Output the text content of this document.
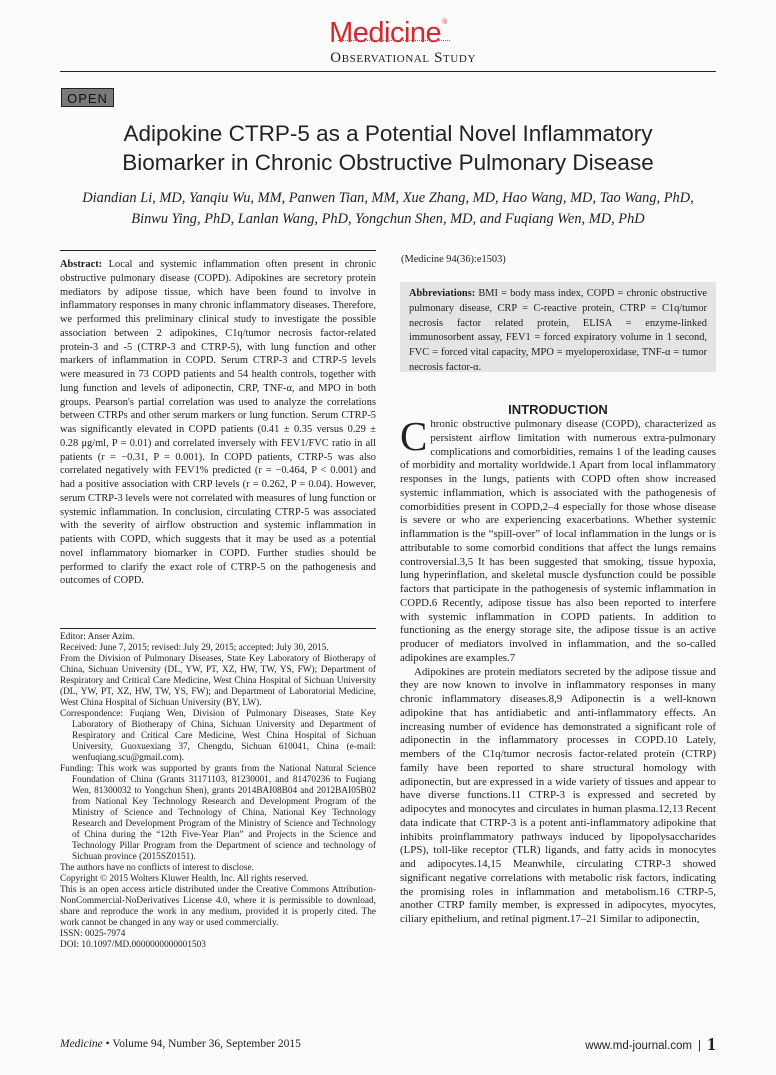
Medicine®
Observational Study
OPEN
Adipokine CTRP-5 as a Potential Novel Inflammatory
Biomarker in Chronic Obstructive Pulmonary Disease
Diandian Li, MD, Yanqiu Wu, MM, Panwen Tian, MM, Xue Zhang, MD, Hao Wang, MD, Tao Wang, PhD,
Binwu Ying, PhD, Lanlan Wang, PhD, Yongchun Shen, MD, and Fuqiang Wen, MD, PhD
Abstract: Local and systemic inflammation often present in chronic obstructive pulmonary disease (COPD). Adipokines are secretory protein mediators by adipose tissue, which have been found to involve in inflammatory responses in many chronic inflammatory diseases. Therefore, we performed this preliminary clinical study to investigate the possible association between 2 adipokines, C1q/tumor necrosis factor-related protein-3 and -5 (CTRP-3 and CTRP-5), with lung function and other markers of inflammation in COPD. Serum CTRP-3 and CTRP-5 levels were measured in 73 COPD patients and 54 health controls, together with lung function and levels of adiponectin, CRP, TNF-α, and MPO in both groups. Pearson's partial correlation was used to analyze the correlations between CTRPs and other serum markers or lung function. Serum CTRP-5 was significantly elevated in COPD patients (0.41 ± 0.35 versus 0.29 ± 0.28 μg/ml, P = 0.01) and correlated inversely with FEV1/FVC ratio in all patients (r = −0.31, P = 0.001). In COPD patients, CTRP-5 was also correlated negatively with FEV1% predicted (r = −0.464, P < 0.001) and had a positive association with CRP levels (r = 0.262, P = 0.04). However, serum CTRP-3 levels were not correlated with measures of lung function or systemic inflammation. In conclusion, circulating CTRP-5 was associated with the severity of airflow obstruction and systemic inflammation in patients with COPD, which suggests that it may be used as a potential novel inflammatory biomarker in COPD. Further studies should be performed to clarify the exact role of CTRP-5 on the pathogenesis and outcomes of COPD.

Editor: Anser Azim.

Received: June 7, 2015; revised: July 29, 2015; accepted: July 30, 2015.

From the Division of Pulmonary Diseases, State Key Laboratory of Biotherapy of China, Sichuan University (DL, YW, PT, XZ, HW, TW, YS, FW); Department of Respiratory and Critical Care Medicine, West China Hospital of Sichuan University (DL, YW, PT, XZ, HW, TW, YS, FW); and Department of Laboratorial Medicine, West China Hospital of Sichuan University (BY, LW).

Correspondence: Fuqiang Wen, Division of Pulmonary Diseases, State Key Laboratory of Biotherapy of China, Sichuan University and Department of Respiratory and Critical Care Medicine, West China Hospital of Sichuan University, Guoxuexiang 37, Chengdu, Sichuan 610041, China (e-mail: wenfuqiang.scu@gmail.com).

Funding: This work was supported by grants from the National Natural Science Foundation of China (Grants 31171103, 81230001, and 81470236 to Fuqiang Wen, 81300032 to Yongchun Shen), grants 2014BAI08B04 and 2012BAI05B02 from National Key Technology Research and Development Program of the Ministry of Science and Technology of China, National Key Technology Research and Development Program of the Ministry of Science and Technology of China during the “12th Five-Year Plan” and Projects in the Science and Technology Pillar Program from the Department of science and technology of Sichuan province (2015SZ0151).

The authors have no conflicts of interest to disclose.

Copyright © 2015 Wolters Kluwer Health, Inc. All rights reserved.

This is an open access article distributed under the Creative Commons Attribution-NonCommercial-NoDerivatives License 4.0, where it is permissible to download, share and reproduce the work in any medium, provided it is properly cited. The work cannot be changed in any way or used commercially.

ISSN: 0025-7974

DOI: 10.1097/MD.0000000000001503

(Medicine 94(36):e1503)
Abbreviations: BMI = body mass index, COPD = chronic obstructive pulmonary disease, CRP = C-reactive protein, CTRP = C1q/tumor necrosis factor related protein, ELISA = enzyme-linked immunosorbent assay, FEV1 = forced expiratory volume in 1 second, FVC = forced vital capacity, MPO = myeloperoxidase, TNF-α = tumor necrosis factor-α.
INTRODUCTION

Chronic obstructive pulmonary disease (COPD), characterized as persistent airflow limitation with numerous extra-pulmonary complications and comorbidities, remains 1 of the leading causes of morbidity and mortality worldwide.1 Apart from local inflammatory responses in the lungs, patients with COPD often show increased systemic inflammation, which is associated with the pathogenesis of comorbidities present in COPD,2–4 especially for those whose disease is severe or who are experiencing exacerbations. Whether systemic inflammation is the “spill-over” of local inflammation in the lungs or is attributable to some comorbid conditions that affect the lungs remains controversial.3,5 It has been suggested that smoking, tissue hypoxia, lung hyperinflation, and skeletal muscle dysfunction could be possible factors that participate in the pathogenesis of systemic inflammation in COPD.6 Recently, adipose tissue has also been reported to interfere with systemic inflammation in COPD patients. In addition to functioning as the energy storage site, the adipose tissue is an active producer of mediators involved in inflammation, and the so-called adipokines are examples.7

Adipokines are protein mediators secreted by the adipose tissue and they are now known to involve in inflammatory responses in many chronic inflammatory diseases.8,9 Adiponectin is a well-known adipokine that has antidiabetic and anti-inflammatory effects. An increasing number of evidence has demonstrated a significant role of adiponectin in the inflammatory processes in COPD.10 Lately, members of the C1q/tumor necrosis factor-related protein (CTRP) family have been reported to share structural homology with adiponectin, but are expressed in a wide variety of tissues and appear to have diverse functions.11 CTRP-3 is expressed and secreted by adipocytes and monocytes and circulates in human plasma.12,13 Recent data indicate that CTRP-3 is a potent anti-inflammatory adipokine that inhibits proinflammatory pathways induced by lipopolysaccharides (LPS), toll-like receptor (TLR) ligands, and fatty acids in monocytes and adipocytes.14,15 Meanwhile, circulating CTRP-3 showed significant negative correlations with metabolic risk factors, indicating the promising roles in inflammation and metabolism.16 CTRP-5, another CTRP family member, is expressed in adipocytes, myocytes, ciliary epithelium, and retinal pigment.17–21 Similar to adiponectin,

Medicine • Volume 94, Number 36, September 2015	www.md-journal.com | 1
